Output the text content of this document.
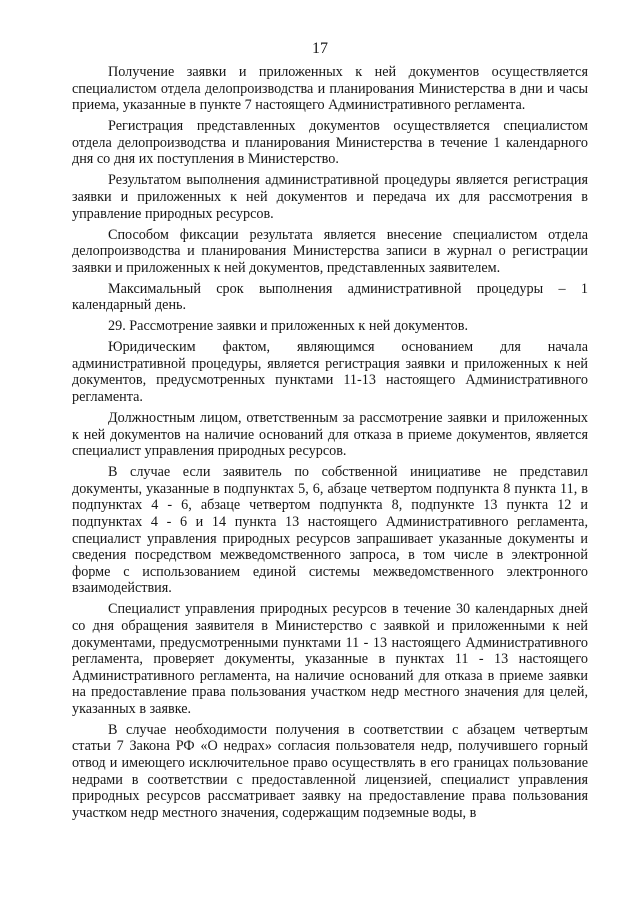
17

Получение заявки и приложенных к ней документов осуществляется специалистом отдела делопроизводства и планирования Министерства в дни и часы приема, указанные в пункте 7 настоящего Административного регламента.

Регистрация представленных документов осуществляется специалистом отдела делопроизводства и планирования Министерства в течение 1 календарного дня со дня их поступления в Министерство.

Результатом выполнения административной процедуры является регистрация заявки и приложенных к ней документов и передача их для рассмотрения в управление природных ресурсов.

Способом фиксации результата является внесение специалистом отдела делопроизводства и планирования Министерства записи в журнал о регистрации заявки и приложенных к ней документов, представленных заявителем.

Максимальный срок выполнения административной процедуры – 1 календарный день.

29. Рассмотрение заявки и приложенных к ней документов.

Юридическим фактом, являющимся основанием для начала административной процедуры, является регистрация заявки и приложенных к ней документов, предусмотренных пунктами 11-13 настоящего Административного регламента.

Должностным лицом, ответственным за рассмотрение заявки и приложенных к ней документов на наличие оснований для отказа в приеме документов, является специалист управления природных ресурсов.

В случае если заявитель по собственной инициативе не представил документы, указанные в подпунктах 5, 6, абзаце четвертом подпункта 8 пункта 11, в подпунктах 4 - 6, абзаце четвертом подпункта 8, подпункте 13 пункта 12 и подпунктах 4 - 6 и 14 пункта 13 настоящего Административного регламента, специалист управления природных ресурсов запрашивает указанные документы и сведения посредством межведомственного запроса, в том числе в электронной форме с использованием единой системы межведомственного электронного взаимодействия.

Специалист управления природных ресурсов в течение 30 календарных дней со дня обращения заявителя в Министерство с заявкой и приложенными к ней документами, предусмотренными пунктами 11 - 13 настоящего Административного регламента, проверяет документы, указанные в пунктах 11 - 13 настоящего Административного регламента, на наличие оснований для отказа в приеме заявки на предоставление права пользования участком недр местного значения для целей, указанных в заявке.

В случае необходимости получения в соответствии с абзацем четвертым статьи 7 Закона РФ «О недрах» согласия пользователя недр, получившего горный отвод и имеющего исключительное право осуществлять в его границах пользование недрами в соответствии с предоставленной лицензией, специалист управления природных ресурсов рассматривает заявку на предоставление права пользования участком недр местного значения, содержащим подземные воды, в
